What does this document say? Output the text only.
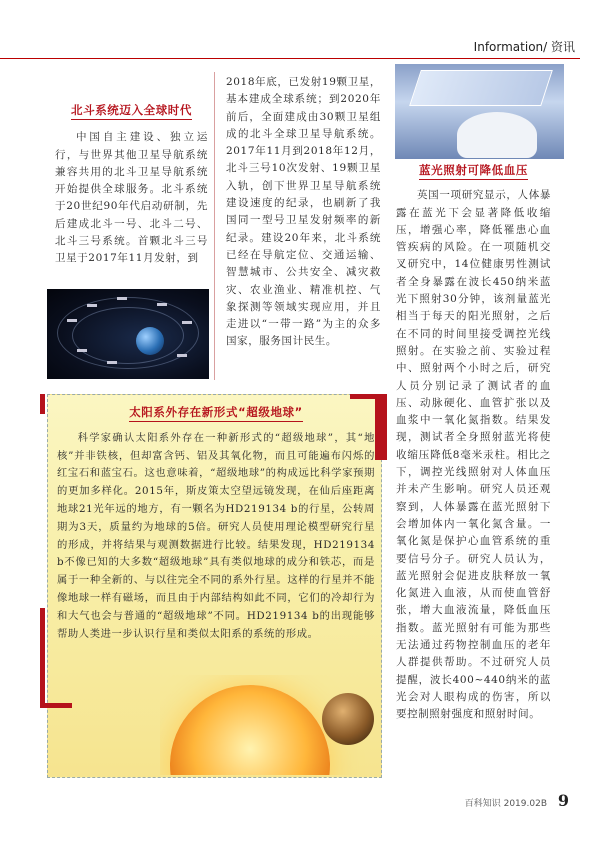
Information/ 资讯
北斗系统迈入全球时代

中国自主建设、独立运行，与世界其他卫星导航系统兼容共用的北斗卫星导航系统开始提供全球服务。北斗系统于20世纪90年代启动研制，先后建成北斗一号、北斗二号、北斗三号系统。首颗北斗三号卫星于2017年11月发射，到

2018年底，已发射19颗卫星，基本建成全球系统；到2020年前后，全面建成由30颗卫星组成的北斗全球卫星导航系统。2017年11月到2018年12月，北斗三号10次发射、19颗卫星入轨，创下世界卫星导航系统建设速度的纪录，也刷新了我国同一型号卫星发射频率的新纪录。建设20年来，北斗系统已经在导航定位、交通运输、智慧城市、公共安全、减灾救灾、农业渔业、精准机控、气象探测等领域实现应用，并且走进以“一带一路”为主的众多国家，服务国计民生。

蓝光照射可降低血压

英国一项研究显示，人体暴露在蓝光下会显著降低收缩压，增强心率，降低罹患心血管疾病的风险。在一项随机交叉研究中，14位健康男性测试者全身暴露在波长450纳米蓝光下照射30分钟，该剂量蓝光相当于每天的阳光照射，之后在不同的时间里接受调控光线照射。在实验之前、实验过程中、照射两个小时之后，研究人员分别记录了测试者的血压、动脉硬化、血管扩张以及血浆中一氧化氮指数。结果发现，测试者全身照射蓝光将使收缩压降低8毫米汞柱。相比之下，调控光线照射对人体血压并未产生影响。研究人员还观察到，人体暴露在蓝光照射下会增加体内一氧化氮含量。一氧化氮是保护心血管系统的重要信号分子。研究人员认为，蓝光照射会促进皮肤释放一氧化氮进入血液，从而使血管舒张，增大血液流量，降低血压指数。蓝光照射有可能为那些无法通过药物控制血压的老年人群提供帮助。不过研究人员提醒，波长400~440纳米的蓝光会对人眼构成的伤害，所以要控制照射强度和照射时间。

太阳系外存在新形式“超级地球”

科学家确认太阳系外存在一种新形式的“超级地球”，其“地核”并非铁核，但却富含钙、铝及其氧化物，而且可能遍布闪烁的红宝石和蓝宝石。这也意味着，“超级地球”的构成远比科学家预期的更加多样化。2015年，斯皮策太空望远镜发现，在仙后座距离地球21光年远的地方，有一颗名为HD219134 b的行星，公转周期为3天，质量约为地球的5倍。研究人员使用理论模型研究行星的形成，并将结果与观测数据进行比较。结果发现，HD219134 b不像已知的大多数“超级地球”具有类似地球的成分和铁芯，而是属于一种全新的、与以往完全不同的系外行星。这样的行星并不能像地球一样有磁场，而且由于内部结构如此不同，它们的冷却行为和大气也会与普通的“超级地球”不同。HD219134 b的出现能够帮助人类进一步认识行星和类似太阳系的系统的形成。

百科知识 2019.02B 9
